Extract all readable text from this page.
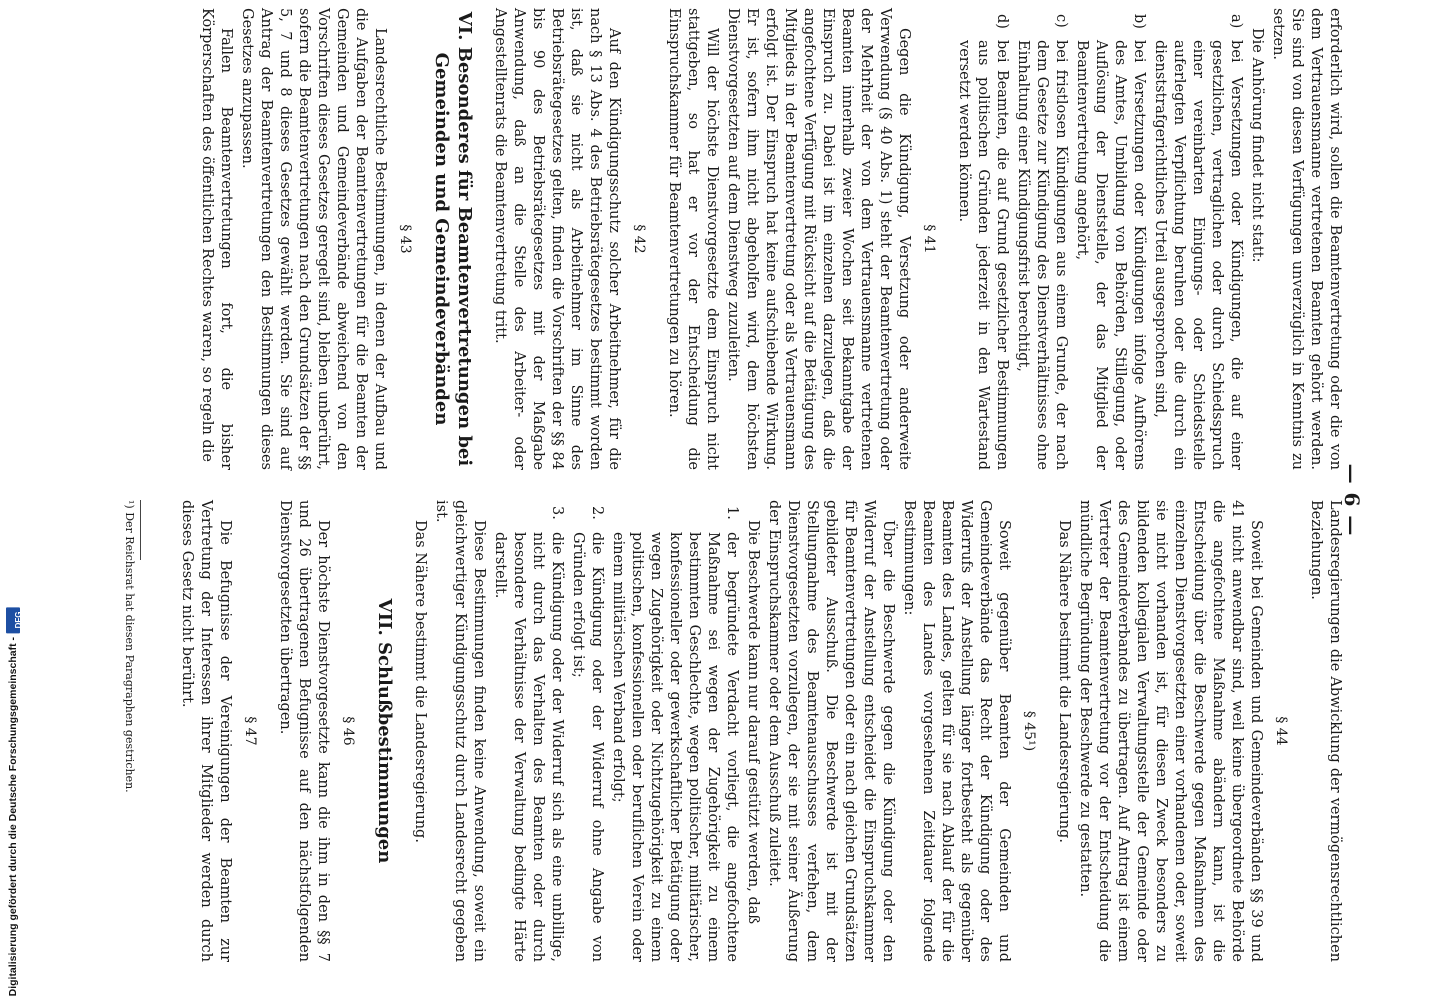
— 6 —

erforderlich wird, sollen die Beamtenvertretung oder die von dem Vertrauensmanne vertretenen Beamten gehört werden. Sie sind von diesen Verfügungen unverzüglich in Kenntnis zu setzen.

Die Anhörung findet nicht statt:

a)
bei Versetzungen oder Kündigungen, die auf einer gesetzlichen, vertraglichen oder durch Schiedsspruch einer vereinbarten Einigungs- oder Schiedsstelle auferlegten Verpflichtung beruhen oder die durch ein dienststrafgerichtliches Urteil ausgesprochen sind,
b)
bei Versetzungen oder Kündigungen infolge Aufhörens des Amtes, Umbildung von Behörden, Stillegung, oder Auflösung der Dienststelle, der das Mitglied der Beamtenvertretung angehört,
c)
bei fristlosen Kündigungen aus einem Grunde, der nach dem Gesetze zur Kündigung des Dienstverhältnisses ohne Einhaltung einer Kündigungsfrist berechtigt,
d)
bei Beamten, die auf Grund gesetzlicher Bestimmungen aus politischen Gründen jederzeit in den Wartestand versetzt werden können.
§ 41

Gegen die Kündigung, Versetzung oder anderweite Verwendung (§ 40 Abs. 1) steht der Beamtenvertretung oder der Mehrheit der von dem Vertrauensmanne vertretenen Beamten innerhalb zweier Wochen seit Bekanntgabe der Einspruch zu. Dabei ist im einzelnen darzulegen, daß die angefochtene Verfügung mit Rücksicht auf die Betätigung des Mitglieds in der Beamtenvertretung oder als Vertrauensmann erfolgt ist. Der Einspruch hat keine aufschiebende Wirkung. Er ist, sofern ihm nicht abgeholfen wird, dem höchsten Dienstvorgesetzten auf dem Dienstweg zuzuleiten.

Will der höchste Dienstvorgesetzte dem Einspruch nicht stattgeben, so hat er vor der Entscheidung die Einspruchskammer für Beamtenvertretungen zu hören.

§ 42

Auf den Kündigungsschutz solcher Arbeitnehmer, für die nach § 13 Abs. 4 des Betriebsrätegesetzes bestimmt worden ist, daß sie nicht als Arbeitnehmer im Sinne des Betriebsrätegesetzes gelten, finden die Vorschriften der §§ 84 bis 90 des Betriebsrätegesetzes mit der Maßgabe Anwendung, daß an die Stelle des Arbeiter- oder Angestelltenrats die Beamtenvertretung tritt.

VI. Besonderes für Beamtenvertretungen bei Gemeinden und Gemeindeverbänden
§ 43

Landesrechtliche Bestimmungen, in denen der Aufbau und die Aufgaben der Beamtenvertretungen für die Beamten der Gemeinden und Gemeindeverbände abweichend von den Vorschriften dieses Gesetzes geregelt sind, bleiben unberührt, sofern die Beamtenvertretungen nach den Grundsätzen der §§ 5, 7 und 8 dieses Gesetzes gewählt werden. Sie sind auf Antrag der Beamtenvertretungen den Bestimmungen dieses Gesetzes anzupassen.

Fallen Beamtenvertretungen fort, die bisher Körperschaften des öffentlichen Rechtes waren, so regeln die

Landesregierungen die Abwicklung der vermögensrechtlichen Beziehungen.

§ 44

Soweit bei Gemeinden und Gemeindeverbänden §§ 39 und 41 nicht anwendbar sind, weil keine übergeordnete Behörde die angefochtene Maßnahme abändern kann, ist die Entscheidung über die Beschwerde gegen Maßnahmen des einzelnen Dienstvorgesetzten einer vorhandenen oder, soweit sie nicht vorhanden ist, für diesen Zweck besonders zu bildenden kollegialen Verwaltungsstelle der Gemeinde oder des Gemeindeverbandes zu übertragen. Auf Antrag ist einem Vertreter der Beamtenvertretung vor der Entscheidung die mündliche Begründung der Beschwerde zu gestatten.

Das Nähere bestimmt die Landesregierung.

§ 45¹)

Soweit gegenüber Beamten der Gemeinden und Gemeindeverbände das Recht der Kündigung oder des Widerrufs der Anstellung länger fortbesteht als gegenüber Beamten des Landes, gelten für sie nach Ablauf der für die Beamten des Landes vorgesehenen Zeitdauer folgende Bestimmungen:

Über die Beschwerde gegen die Kündigung oder den Widerruf der Anstellung entscheidet die Einspruchskammer für Beamtenvertretungen oder ein nach gleichen Grundsätzen gebildeter Ausschuß. Die Beschwerde ist mit der Stellungnahme des Beamtenausschusses verfehen, dem Dienstvorgesetzten vorzulegen, der sie mit seiner Äußerung der Einspruchskammer oder dem Ausschuß zuleitet.

Die Beschwerde kann nur darauf gestützt werden, daß

1.
der begründete Verdacht vorliegt, die angefochtene Maßnahme sei wegen der Zugehörigkeit zu einem bestimmten Geschlechte, wegen politischer, militärischer, konfessioneller oder gewerkschaftlicher Betätigung oder wegen Zugehörigkeit oder Nichtzugehörigkeit zu einem politischen, konfessionellen oder beruflichen Verein oder einem militärischen Verband erfolgt;
2.
die Kündigung oder der Widerruf ohne Angabe von Gründen erfolgt ist;
3.
die Kündigung oder der Widerruf sich als eine unbillige, nicht durch das Verhalten des Beamten oder durch besondere Verhältnisse der Verwaltung bedingte Härte darstellt.

Diese Bestimmungen finden keine Anwendung, soweit ein gleichwertiger Kündigungsschutz durch Landesrecht gegeben ist.

Das Nähere bestimmt die Landesregierung.

VII. Schlußbestimmungen
§ 46

Der höchste Dienstvorgesetzte kann die ihm in den §§ 7 und 26 übertragenen Befugnisse auf den nächstfolgenden Dienstvorgesetzten übertragen.

§ 47

Die Befugnisse der Vereinigungen der Beamten zur Vertretung der Interessen ihrer Mitglieder werden durch dieses Gesetz nicht berührt.

¹) Der Reichsrat hat diesen Paragraphen gestrichen.

Digitalisierung gefördert durch die Deutsche Forschungsgemeinschaft -
DFG
